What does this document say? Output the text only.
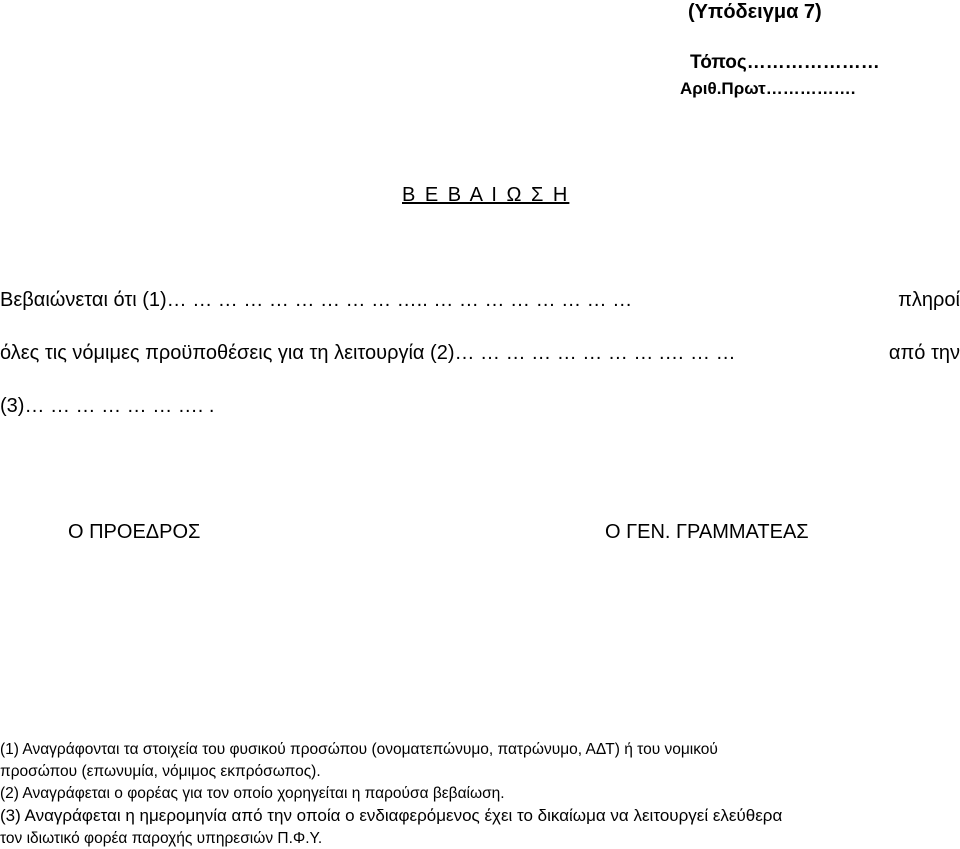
(Υπόδειγμα 7)
Τόπος…………………
Αριθ.Πρωτ…………….
Β Ε Β Α Ι Ω Σ Η
Βεβαιώνεται ότι (1)… … … … … … … … … ….. … … … … … … … …	πληροί
όλες τις νόμιμες προϋποθέσεις για τη λειτουργία (2)… … … … … … … … .… … …	από την
(3)… … … … … … …. .
Ο ΠΡΟΕΔΡΟΣ	Ο ΓΕΝ. ΓΡΑΜΜΑΤΕΑΣ
(1) Αναγράφονται τα στοιχεία του φυσικού προσώπου (ονοματεπώνυμο, πατρώνυμο, ΑΔΤ) ή του νομικού
προσώπου (επωνυμία, νόμιμος εκπρόσωπος).
(2) Αναγράφεται ο φορέας για τον οποίο χορηγείται η παρούσα βεβαίωση.
(3) Αναγράφεται η ημερομηνία από την οποία ο ενδιαφερόμενος έχει το δικαίωμα να λειτουργεί ελεύθερα
τον ιδιωτικό φορέα παροχής υπηρεσιών Π.Φ.Υ.
